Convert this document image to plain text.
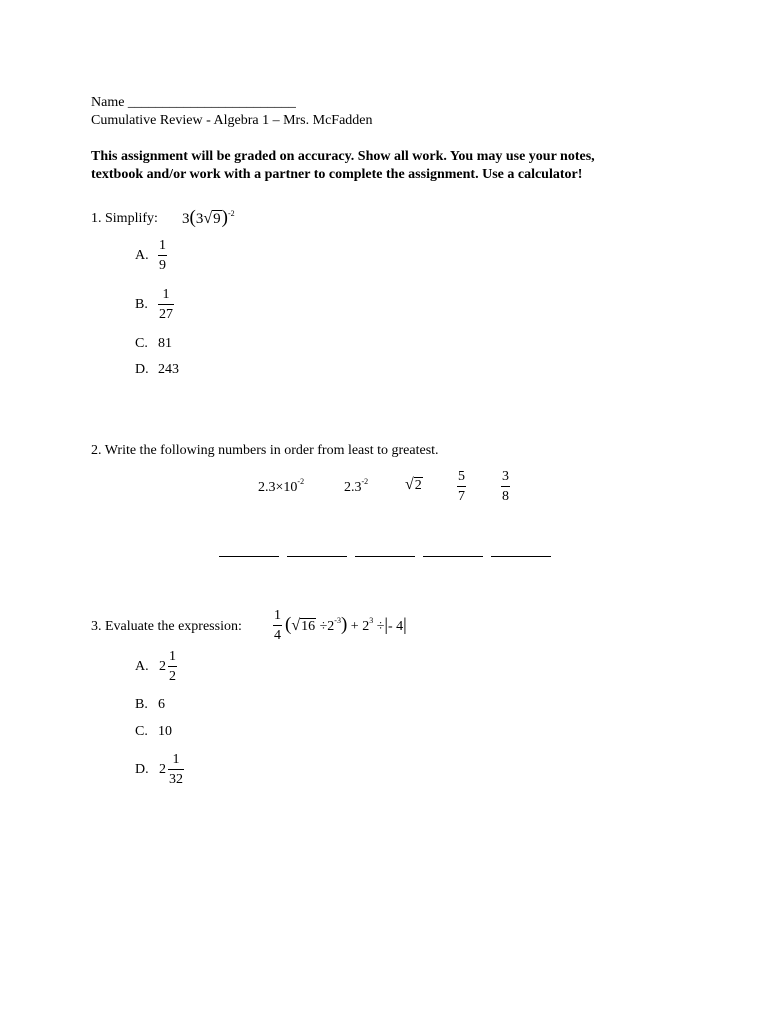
Name ________________________
Cumulative Review - Algebra 1 – Mrs. McFadden
This assignment will be graded on accuracy. Show all work. You may use your notes,
textbook and/or work with a partner to complete the assignment. Use a calculator!
1. Simplify: $3(3√9)^{-2}$
A. $\frac{1}{9}$
B. $\frac{1}{27}$
C. 81
D. 243
2. Write the following numbers in order from least to greatest.
$2.3\times 10^{-2}$	$2.3^{-2}$ √2	$\frac{5}{7}$	$\frac{3}{8}$
3. Evaluate the expression: $\frac{1}{4} (√16 \div 2^{-3}) + 2^3$ ÷|- 4|
A. $2 \frac{1}{2}$
B. 6
C. 10
D. $2 \frac{1}{32}$
